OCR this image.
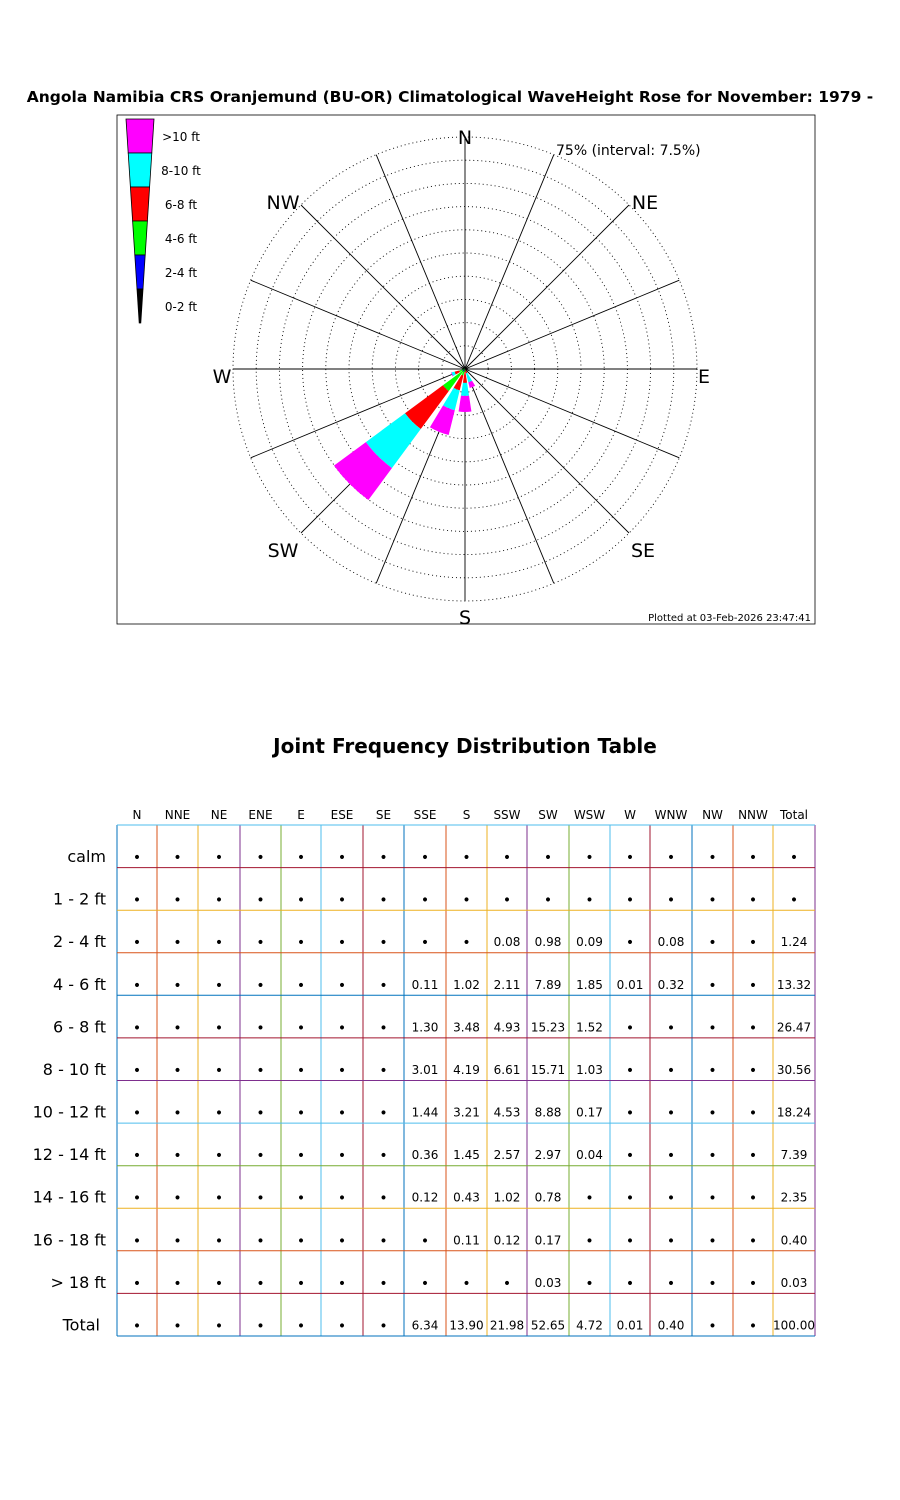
Angola Namibia CRS Oranjemund (BU-OR) Climatological WaveHeight Rose for November: 1979 -
N
NE
E
SE
S
SW
W
NW
75% (interval: 7.5%)
Plotted at 03-Feb-2026 23:47:41
>10 ft
8-10 ft
6-8 ft
4-6 ft
2-4 ft
0-2 ft
Joint Frequency Distribution Table
N NNE NE ENE E ESE SE SSE S SSW SW WSW W WNW NW NNW Total
calm • • • • • • • • • • • • • • • • •
1 - 2 ft • • • • • • • • • • • • • • • • •
2 - 4 ft • • • • • • • • • 0.08 0.98 0.09 • 0.08 • • 1.24
4 - 6 ft • • • • • • • 0.11 1.02 2.11 7.89 1.85 0.01 0.32 • • 13.32
6 - 8 ft • • • • • • • 1.30 3.48 4.93 15.23 1.52 • • • • 26.47
8 - 10 ft • • • • • • • 3.01 4.19 6.61 15.71 1.03 • • • • 30.56
10 - 12 ft • • • • • • • 1.44 3.21 4.53 8.88 0.17 • • • • 18.24
12 - 14 ft • • • • • • • 0.36 1.45 2.57 2.97 0.04 • • • • 7.39
14 - 16 ft • • • • • • • 0.12 0.43 1.02 0.78 • • • • • 2.35
16 - 18 ft • • • • • • • • 0.11 0.12 0.17 • • • • • 0.40
> 18 ft • • • • • • • • • • 0.03 • • • • • 0.03
Total • • • • • • • 6.34 13.90 21.98 52.65 4.72 0.01 0.40 • • 100.00
